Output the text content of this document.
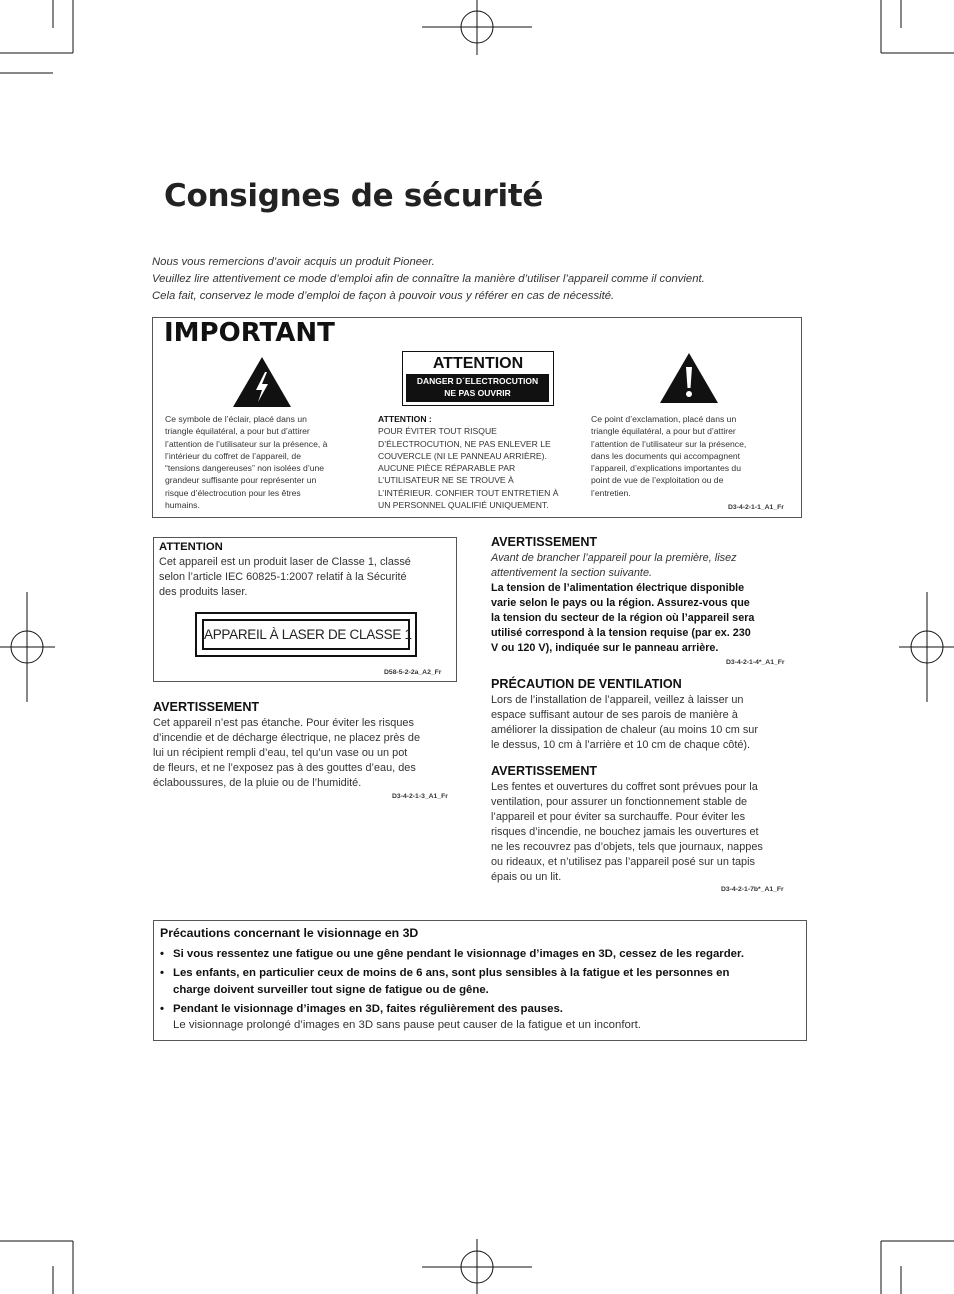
Consignes de sécurité
Nous vous remercions d’avoir acquis un produit Pioneer.
Veuillez lire attentivement ce mode d’emploi afin de connaître la manière d’utiliser l’appareil comme il convient.
Cela fait, conservez le mode d’emploi de façon à pouvoir vous y référer en cas de nécessité.
IMPORTANT
ATTENTION
DANGER D´ELECTROCUTION
NE PAS OUVRIR
Ce symbole de l’éclair, placé dans un
triangle équilatéral, a pour but d’attirer
l’attention de l’utilisateur sur la présence, à
l’intérieur du coffret de l’appareil, de
“tensions dangereuses” non isolées d’une
grandeur suffisante pour représenter un
risque d’électrocution pour les êtres
humains.
ATTENTION :
POUR ÉVITER TOUT RISQUE
D’ÉLECTROCUTION, NE PAS ENLEVER LE
COUVERCLE (NI LE PANNEAU ARRIÈRE).
AUCUNE PIÈCE RÉPARABLE PAR
L’UTILISATEUR NE SE TROUVE À
L’INTÉRIEUR. CONFIER TOUT ENTRETIEN À
UN PERSONNEL QUALIFIÉ UNIQUEMENT.
Ce point d’exclamation, placé dans un
triangle équilatéral, a pour but d’attirer
l’attention de l’utilisateur sur la présence,
dans les documents qui accompagnent
l’appareil, d’explications importantes du
point de vue de l’exploitation ou de
l’entretien.
D3-4-2-1-1_A1_Fr
ATTENTION
Cet appareil est un produit laser de Classe 1, classé
selon l’article IEC 60825-1:2007 relatif à la Sécurité
des produits laser.
APPAREIL À LASER DE CLASSE 1
D58-5-2-2a_A2_Fr
AVERTISSEMENT
Cet appareil n’est pas étanche. Pour éviter les risques
d’incendie et de décharge électrique, ne placez près de
lui un récipient rempli d’eau, tel qu’un vase ou un pot
de fleurs, et ne l’exposez pas à des gouttes d’eau, des
éclaboussures, de la pluie ou de l’humidité.
D3-4-2-1-3_A1_Fr
AVERTISSEMENT
Avant de brancher l’appareil pour la première, lisez
attentivement la section suivante.
La tension de l’alimentation électrique disponible
varie selon le pays ou la région. Assurez-vous que
la tension du secteur de la région où l’appareil sera
utilisé correspond à la tension requise (par ex. 230
V ou 120 V), indiquée sur le panneau arrière.
D3-4-2-1-4*_A1_Fr
PRÉCAUTION DE VENTILATION
Lors de l’installation de l’appareil, veillez à laisser un
espace suffisant autour de ses parois de manière à
améliorer la dissipation de chaleur (au moins 10 cm sur
le dessus, 10 cm à l’arrière et 10 cm de chaque côté).
AVERTISSEMENT
Les fentes et ouvertures du coffret sont prévues pour la
ventilation, pour assurer un fonctionnement stable de
l’appareil et pour éviter sa surchauffe. Pour éviter les
risques d’incendie, ne bouchez jamais les ouvertures et
ne les recouvrez pas d’objets, tels que journaux, nappes
ou rideaux, et n’utilisez pas l’appareil posé sur un tapis
épais ou un lit.
D3-4-2-1-7b*_A1_Fr
Précautions concernant le visionnage en 3D
• Si vous ressentez une fatigue ou une gêne pendant le visionnage d’images en 3D, cessez de les regarder.
• Les enfants, en particulier ceux de moins de 6 ans, sont plus sensibles à la fatigue et les personnes en
charge doivent surveiller tout signe de fatigue ou de gêne.
• Pendant le visionnage d’images en 3D, faites régulièrement des pauses.
Le visionnage prolongé d’images en 3D sans pause peut causer de la fatigue et un inconfort.
